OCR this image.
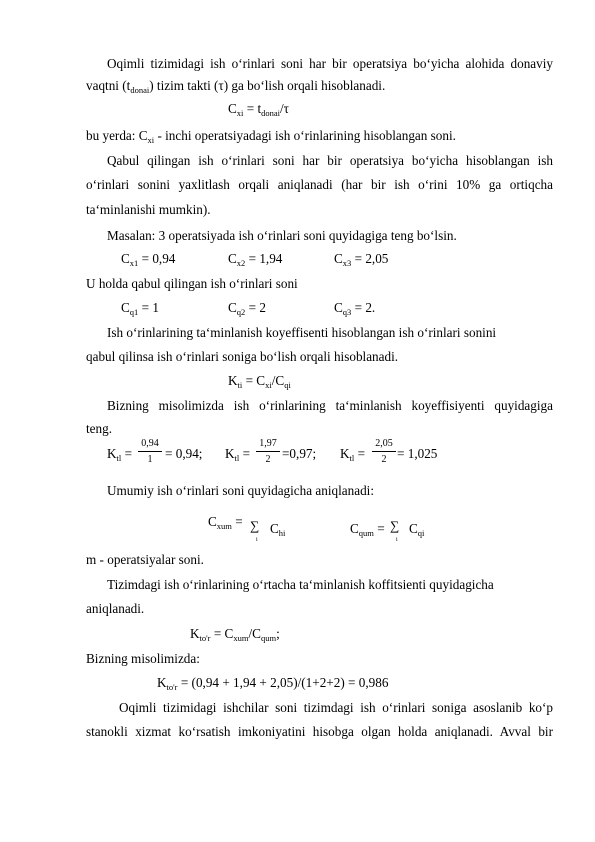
Oqimli tizimidagi ish o‘rinlari soni har bir operatsiya bo‘yicha alohida donaviy
vaqtni $(t_{donai})$ tizim takti (τ) ga bo‘lish orqali hisoblanadi.
$C_{xi} = t_{donai}/\tau$
bu yerda: $C_{xi}$ - inchi operatsiyadagi ish o‘rinlarining hisoblangan soni.
Qabul qilingan ish o‘rinlari soni har bir operatsiya bo‘yicha hisoblangan ish
o‘rinlari sonini yaxlitlash orqali aniqlanadi (har bir ish o‘rini 10% ga ortiqcha
ta‘minlanishi mumkin).
Masalan: 3 operatsiyada ish o‘rinlari soni quyidagiga teng bo‘lsin.
$C_{x1} = 0,94$	$C_{x2} = 1,94$	$C_{x3} = 2,05$
U holda qabul qilingan ish o‘rinlari soni
$C_{q1} = 1$	$C_{q2} = 2$	$C_{q3} = 2$.
Ish o‘rinlarining ta‘minlanish koyeffisenti hisoblangan ish o‘rinlari sonini
qabul qilinsa ish o‘rinlari soniga bo‘lish orqali hisoblanadi.
$K_{ti} = C_{xi}/C_{qi}$
Bizning misolimizda ish o‘rinlarining ta‘minlanish koyeffisiyenti quyidagiga
teng.
$K_{tl}$ =
0,94
1 = 0,94; $K_{tl}$ =
1,97
2 =0,97; $K_{tl}$ =
2,05
2 = 1,025
Umumiy ish o‘rinlari soni quyidagicha aniqlanadi:
$C_{xum}$ = ∑
i
$C_{hi}$	$C_{qum}$ = ∑
i
$C_{qi}$
m - operatsiyalar soni.
Tizimdagi ish o‘rinlarining o‘rtacha ta‘minlanish koffitsienti quyidagicha
aniqlanadi.
$K_{to'r} = C_{xum}/C_{qum}$;
Bizning misolimizda:
$K_{to'r} = (0,94 + 1,94 + 2,05)/(1+2+2) = 0,986$
Oqimli tizimidagi ishchilar soni tizimdagi ish o‘rinlari soniga asoslanib ko‘p
stanokli xizmat ko‘rsatish imkoniyatini hisobga olgan holda aniqlanadi. Avval bir
